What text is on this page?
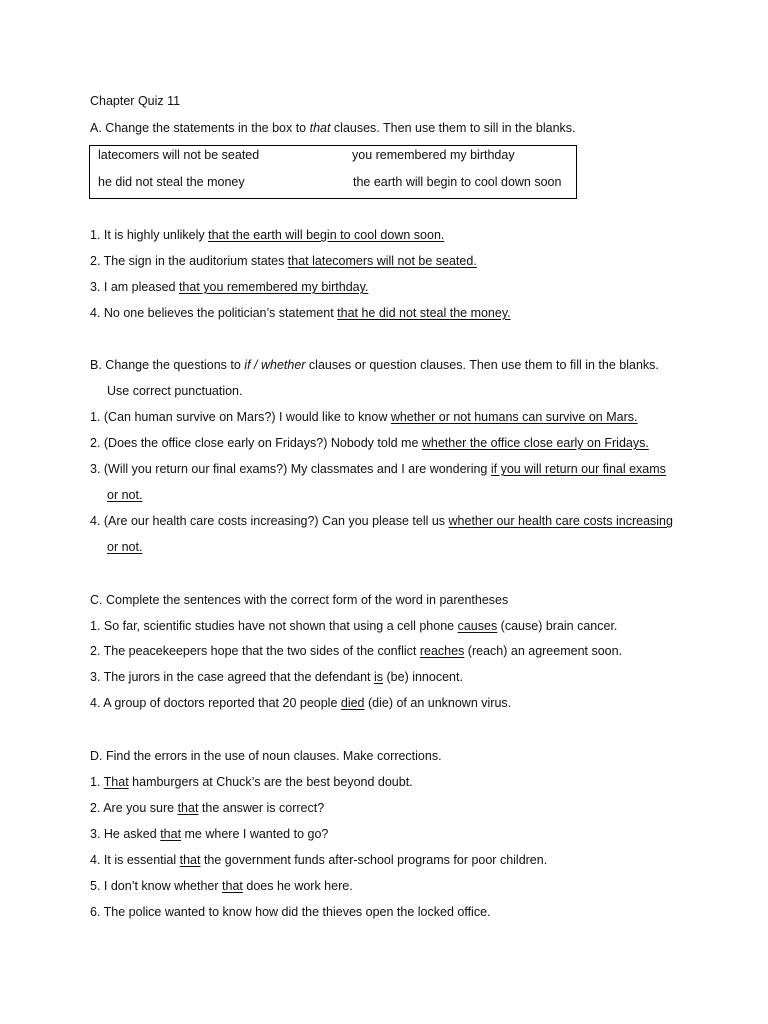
Chapter Quiz 11
A. Change the statements in the box to that clauses. Then use them to sill in the blanks.
latecomers will not be seated	you remembered my birthday
he did not steal the money	the earth will begin to cool down soon
1. It is highly unlikely that the earth will begin to cool down soon.
2. The sign in the auditorium states that latecomers will not be seated.
3. I am pleased that you remembered my birthday.
4. No one believes the politician’s statement that he did not steal the money.
B. Change the questions to if / whether clauses or question clauses. Then use them to fill in the blanks.
Use correct punctuation.
1. (Can human survive on Mars?) I would like to know whether or not humans can survive on Mars.
2. (Does the office close early on Fridays?) Nobody told me whether the office close early on Fridays.
3. (Will you return our final exams?) My classmates and I are wondering if you will return our final exams
or not.
4. (Are our health care costs increasing?) Can you please tell us whether our health care costs increasing
or not.
C. Complete the sentences with the correct form of the word in parentheses
1. So far, scientific studies have not shown that using a cell phone causes (cause) brain cancer.
2. The peacekeepers hope that the two sides of the conflict reaches (reach) an agreement soon.
3. The jurors in the case agreed that the defendant is (be) innocent.
4. A group of doctors reported that 20 people died (die) of an unknown virus.
D. Find the errors in the use of noun clauses. Make corrections.
1. That hamburgers at Chuck’s are the best beyond doubt.
2. Are you sure that the answer is correct?
3. He asked that me where I wanted to go?
4. It is essential that the government funds after-school programs for poor children.
5. I don’t know whether that does he work here.
6. The police wanted to know how did the thieves open the locked office.
